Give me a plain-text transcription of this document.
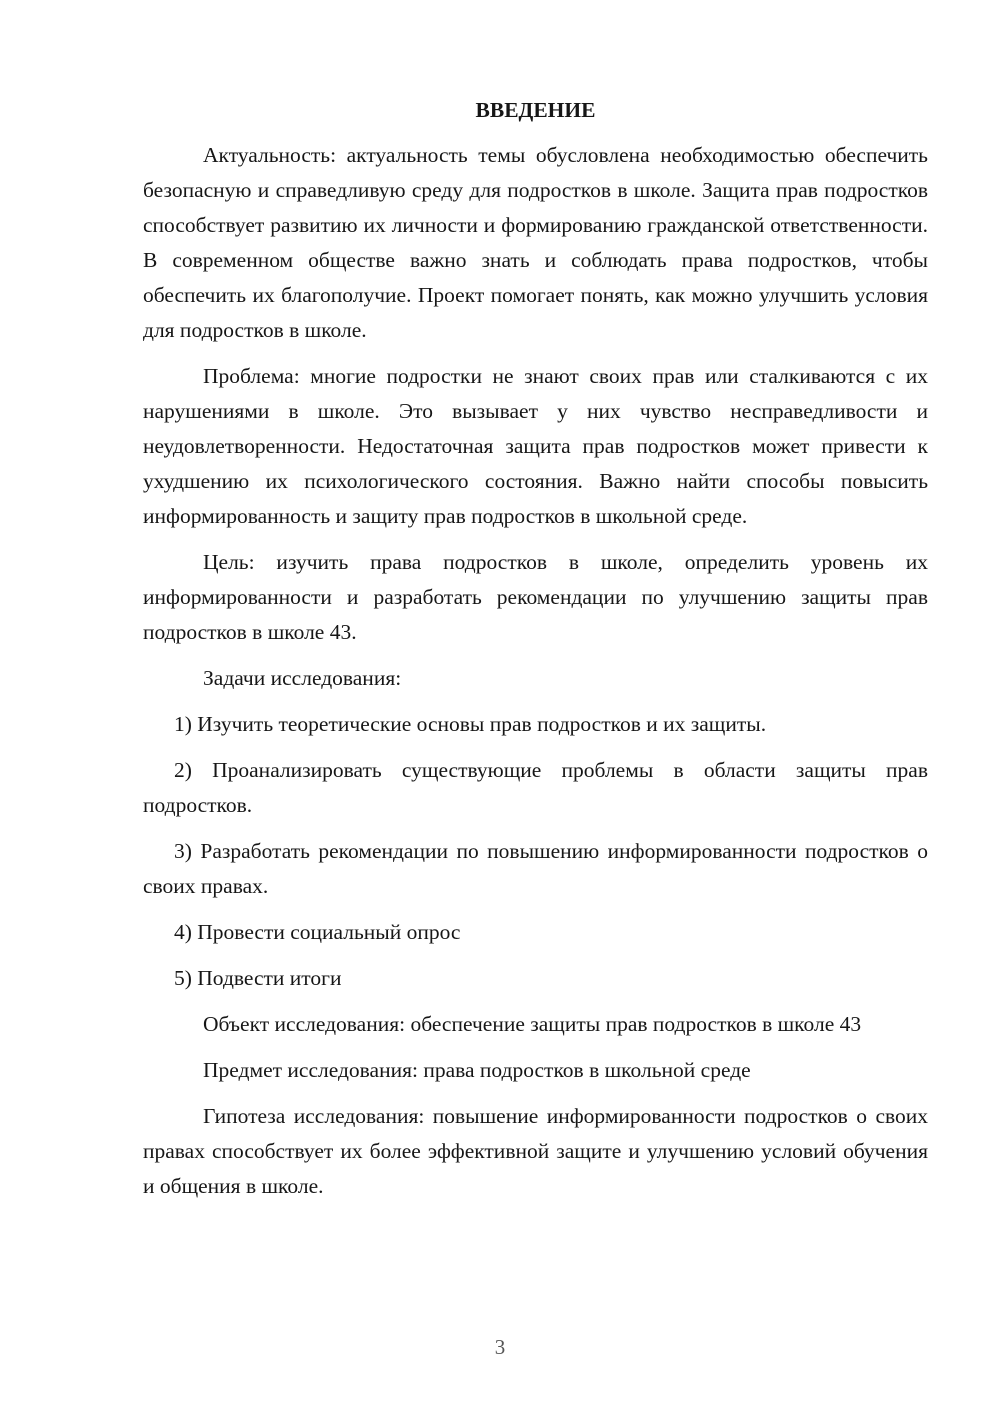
ВВЕДЕНИЕ

Актуальность: актуальность темы обусловлена необходимостью обеспечить безопасную и справедливую среду для подростков в школе. Защита прав подростков способствует развитию их личности и формированию гражданской ответственности. В современном обществе важно знать и соблюдать права подростков, чтобы обеспечить их благополучие. Проект помогает понять, как можно улучшить условия для подростков в школе.

Проблема: многие подростки не знают своих прав или сталкиваются с их нарушениями в школе. Это вызывает у них чувство несправедливости и неудовлетворенности. Недостаточная защита прав подростков может привести к ухудшению их психологического состояния. Важно найти способы повысить информированность и защиту прав подростков в школьной среде.

Цель: изучить права подростков в школе, определить уровень их информированности и разработать рекомендации по улучшению защиты прав подростков в школе 43.

Задачи исследования:

1) Изучить теоретические основы прав подростков и их защиты.

2) Проанализировать существующие проблемы в области защиты прав подростков.

3) Разработать рекомендации по повышению информированности подростков о своих правах.

4) Провести социальный опрос

5) Подвести итоги

Объект исследования: обеспечение защиты прав подростков в школе 43

Предмет исследования: права подростков в школьной среде

Гипотеза исследования: повышение информированности подростков о своих правах способствует их более эффективной защите и улучшению условий обучения и общения в школе.

3
